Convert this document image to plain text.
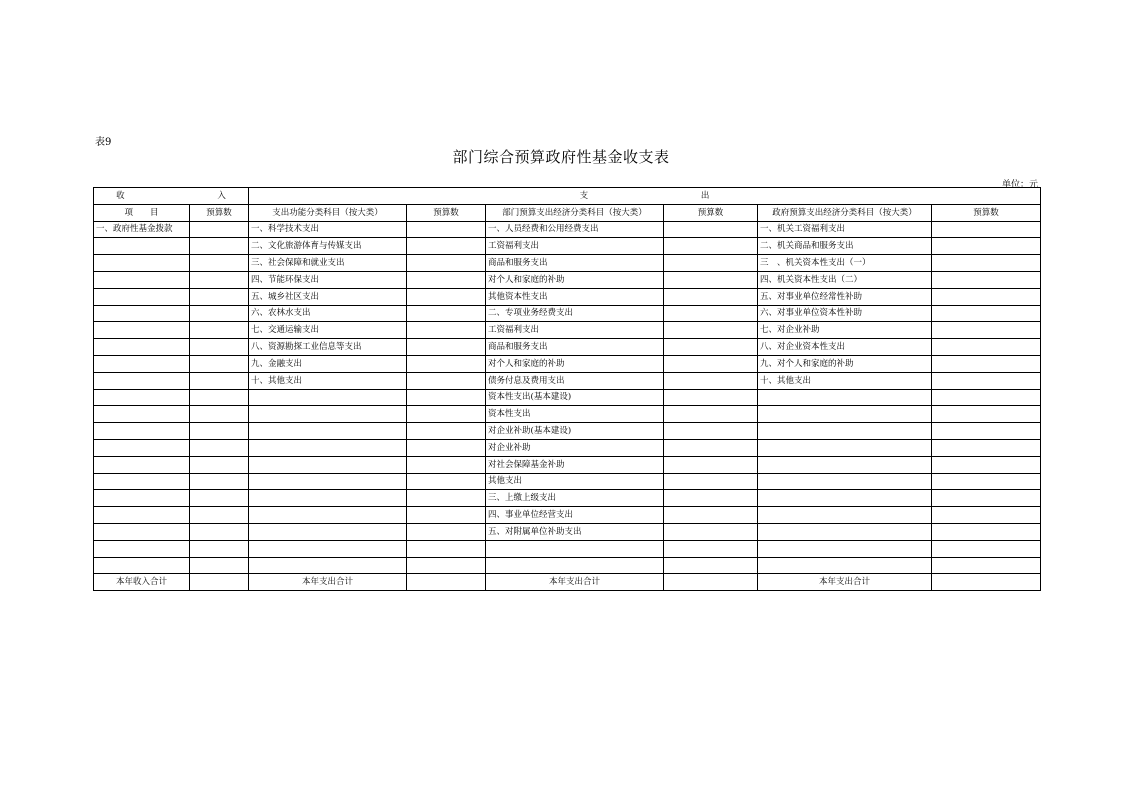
表9
部门综合预算政府性基金收支表
单位：元
收 入		支 出					
项　　目	预算数	支出功能分类科目（按大类）	预算数	部门预算支出经济分类科目（按大类）	预算数	政府预算支出经济分类科目（按大类）	预算数
一、政府性基金拨款		一、科学技术支出		一、人员经费和公用经费支出		一、机关工资福利支出	
		二、文化旅游体育与传媒支出		工资福利支出		二、机关商品和服务支出	
		三、社会保障和就业支出		商品和服务支出		三　、机关资本性支出（一）	
		四、节能环保支出		对个人和家庭的补助		四、机关资本性支出（二）	
		五、城乡社区支出		其他资本性支出		五、对事业单位经常性补助	
		六、农林水支出		二、专项业务经费支出		六、对事业单位资本性补助	
		七、交通运输支出		工资福利支出		七、对企业补助	
		八、资源勘探工业信息等支出		商品和服务支出		八、对企业资本性支出	
		九、金融支出		对个人和家庭的补助		九、对个人和家庭的补助	
		十、其他支出		债务付息及费用支出		十、其他支出	
				资本性支出(基本建设)			
				资本性支出			
				对企业补助(基本建设)			
				对企业补助			
				对社会保障基金补助			
				其他支出			
				三、上缴上级支出			
				四、事业单位经营支出			
				五、对附属单位补助支出			

本年收入合计		本年支出合计		本年支出合计		本年支出合计	
